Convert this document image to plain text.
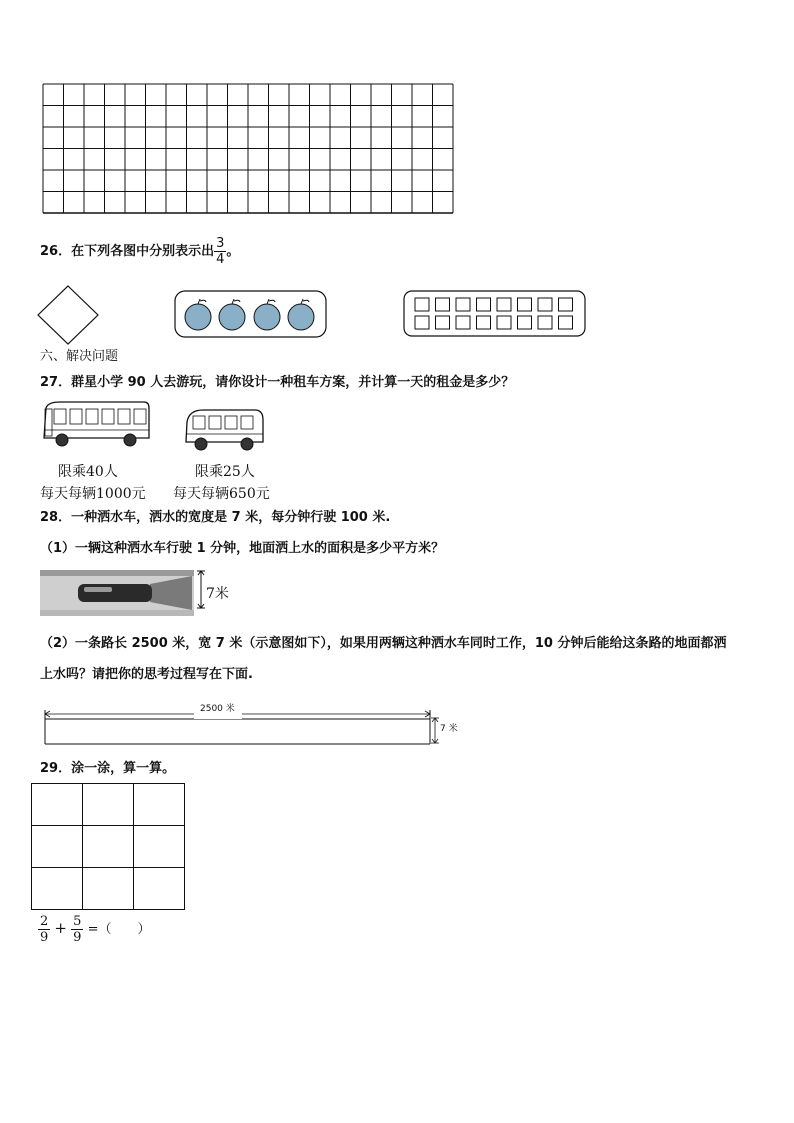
26．在下列各图中分别表示出 $\frac{3}{4}$ 。
六、解决问题
27．群星小学 90 人去游玩，请你设计一种租车方案，并计算一天的租金是多少？
限乘40人
每天每辆1000元
限乘25人
每天每辆650元
28．一种洒水车，洒水的宽度是 7 米，每分钟行驶 100 米.
（1）一辆这种洒水车行驶 1 分钟，地面洒上水的面积是多少平方米？
7米
（2）一条路长 2500 米，宽 7 米（示意图如下），如果用两辆这种洒水车同时工作，10 分钟后能给这条路的地面都洒
上水吗？请把你的思考过程写在下面.
2500 米
7 米
29．涂一涂，算一算。

$\frac{2}{9} + \frac{5}{9}$ =（　　）
